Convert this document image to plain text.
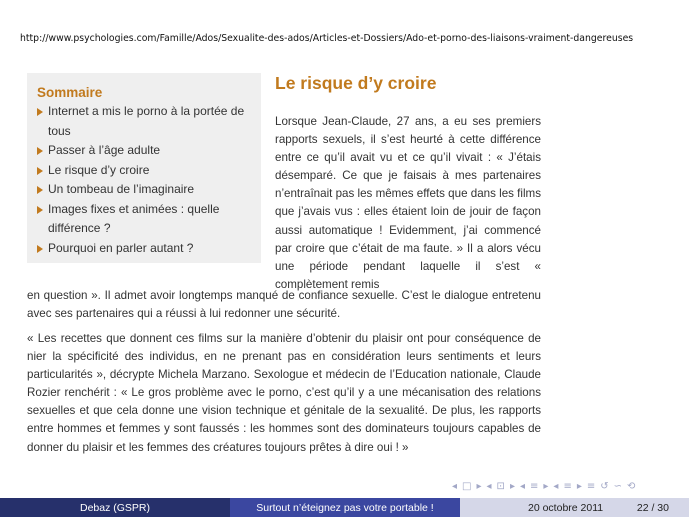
http://www.psychologies.com/Famille/Ados/Sexualite-des-ados/Articles-et-Dossiers/Ado-et-porno-des-liaisons-vraiment-dangereuses
Sommaire
Internet a mis le porno à la portée de tous
Passer à l’âge adulte
Le risque d’y croire
Un tombeau de l’imaginaire
Images fixes et animées : quelle différence ?
Pourquoi en parler autant ?
Le risque d’y croire
Lorsque Jean-Claude, 27 ans, a eu ses premiers rapports sexuels, il s’est heurté à cette différence entre ce qu’il avait vu et ce qu’il vivait : « J’étais désemparé. Ce que je faisais à mes partenaires n’entraînait pas les mêmes effets que dans les films que j’avais vus : elles étaient loin de jouir de façon aussi automatique ! Evidemment, j’ai commencé par croire que c’était de ma faute. » Il a alors vécu une période pendant laquelle il s’est « complètement remis
en question ». Il admet avoir longtemps manqué de confiance sexuelle. C’est le dialogue entretenu avec ses partenaires qui a réussi à lui redonner une sécurité.
« Les recettes que donnent ces films sur la manière d’obtenir du plaisir ont pour conséquence de nier la spécificité des individus, en ne prenant pas en considération leurs sentiments et leurs particularités », décrypte Michela Marzano. Sexologue et médecin de l’Education nationale, Claude Rozier renchérit : « Le gros problème avec le porno, c’est qu’il y a une mécanisation des relations sexuelles et que cela donne une vision technique et génitale de la sexualité. De plus, les rapports entre hommes et femmes y sont faussés : les hommes sont des dominateurs toujours capables de donner du plaisir et les femmes des créatures toujours prêtes à dire oui ! »
◂ □ ▸ ◂ ⊡ ▸ ◂ ≡ ▸ ◂ ≡ ▸ ≡ ↺ ∽ ⟲
Debaz (GSPR)	Surtout n’éteignez pas votre portable !	20 octobre 2011	22 / 30
